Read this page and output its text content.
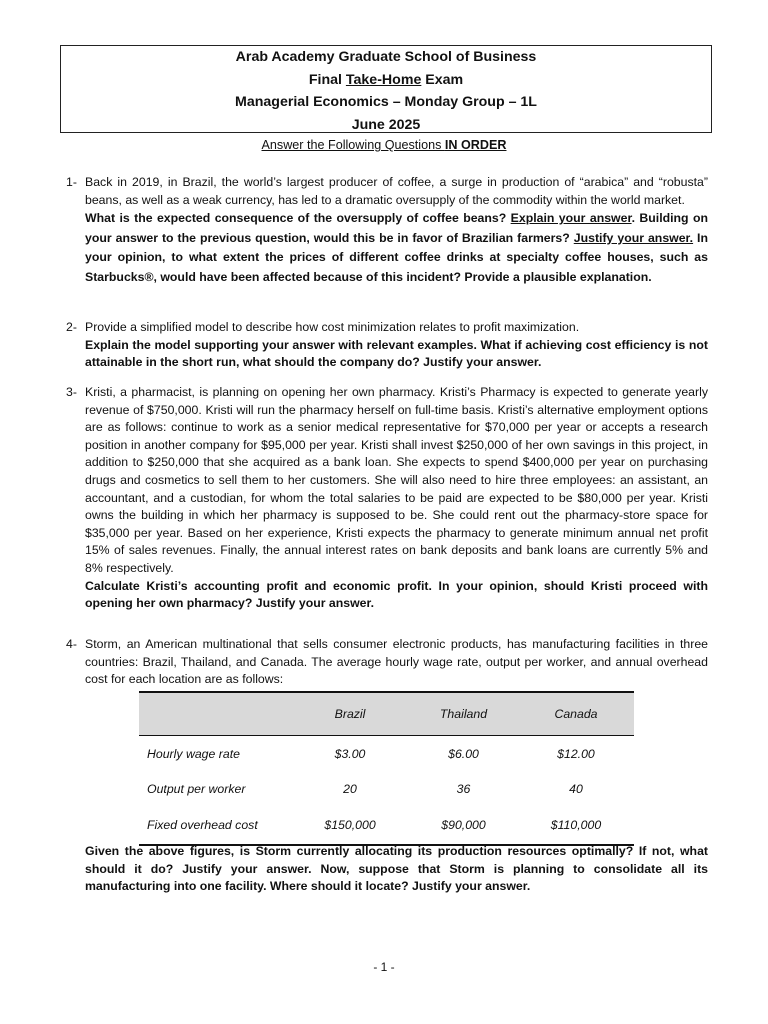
Arab Academy Graduate School of Business
Final Take-Home Exam
Managerial Economics – Monday Group – 1L
June 2025
Answer the Following Questions IN ORDER
1- Back in 2019, in Brazil, the world’s largest producer of coffee, a surge in production of “arabica” and “robusta” beans, as well as a weak currency, has led to a dramatic oversupply of the commodity within the world market.
What is the expected consequence of the oversupply of coffee beans? Explain your answer. Building on your answer to the previous question, would this be in favor of Brazilian farmers? Justify your answer. In your opinion, to what extent the prices of different coffee drinks at specialty coffee houses, such as Starbucks®, would have been affected because of this incident? Provide a plausible explanation.
2- Provide a simplified model to describe how cost minimization relates to profit maximization.
Explain the model supporting your answer with relevant examples. What if achieving cost efficiency is not attainable in the short run, what should the company do? Justify your answer.
3- Kristi, a pharmacist, is planning on opening her own pharmacy. Kristi’s Pharmacy is expected to generate yearly revenue of $750,000. Kristi will run the pharmacy herself on full-time basis. Kristi’s alternative employment options are as follows: continue to work as a senior medical representative for $70,000 per year or accepts a research position in another company for $95,000 per year. Kristi shall invest $250,000 of her own savings in this project, in addition to $250,000 that she acquired as a bank loan. She expects to spend $400,000 per year on purchasing drugs and cosmetics to sell them to her customers. She will also need to hire three employees: an assistant, an accountant, and a custodian, for whom the total salaries to be paid are expected to be $80,000 per year. Kristi owns the building in which her pharmacy is supposed to be. She could rent out the pharmacy-store space for $35,000 per year. Based on her experience, Kristi expects the pharmacy to generate minimum annual net profit 15% of sales revenues. Finally, the annual interest rates on bank deposits and bank loans are currently 5% and 8% respectively.
Calculate Kristi’s accounting profit and economic profit. In your opinion, should Kristi proceed with opening her own pharmacy? Justify your answer.
4- Storm, an American multinational that sells consumer electronic products, has manufacturing facilities in three countries: Brazil, Thailand, and Canada. The average hourly wage rate, output per worker, and annual overhead cost for each location are as follows:
	Brazil	Thailand	Canada
Hourly wage rate	$3.00	$6.00	$12.00
Output per worker	20	36	40
Fixed overhead cost	$150,000	$90,000	$110,000
Given the above figures, is Storm currently allocating its production resources optimally? If not, what should it do? Justify your answer. Now, suppose that Storm is planning to consolidate all its manufacturing into one facility. Where should it locate? Justify your answer.
- 1 -
